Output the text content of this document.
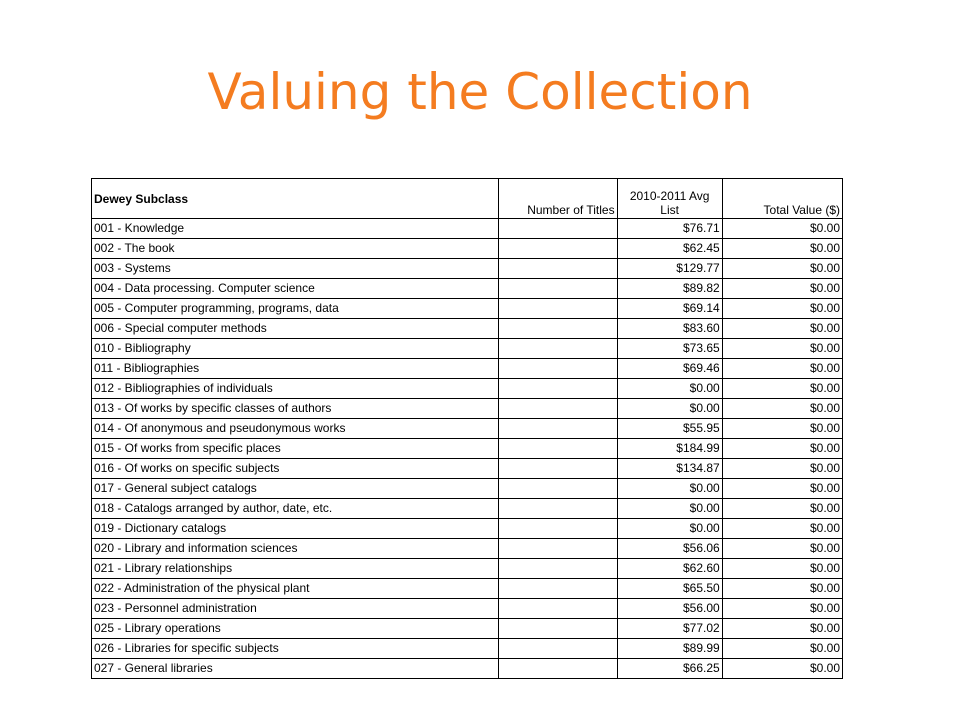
Valuing the Collection
Dewey Subclass	Number of Titles	2010-2011 Avg List	Total Value ($)
001 - Knowledge		$76.71	$0.00
002 - The book		$62.45	$0.00
003 - Systems		$129.77	$0.00
004 - Data processing. Computer science		$89.82	$0.00
005 - Computer programming, programs, data		$69.14	$0.00
006 - Special computer methods		$83.60	$0.00
010 - Bibliography		$73.65	$0.00
011 - Bibliographies		$69.46	$0.00
012 - Bibliographies of individuals		$0.00	$0.00
013 - Of works by specific classes of authors		$0.00	$0.00
014 - Of anonymous and pseudonymous works		$55.95	$0.00
015 - Of works from specific places		$184.99	$0.00
016 - Of works on specific subjects		$134.87	$0.00
017 - General subject catalogs		$0.00	$0.00
018 - Catalogs arranged by author, date, etc.		$0.00	$0.00
019 - Dictionary catalogs		$0.00	$0.00
020 - Library and information sciences		$56.06	$0.00
021 - Library relationships		$62.60	$0.00
022 - Administration of the physical plant		$65.50	$0.00
023 - Personnel administration		$56.00	$0.00
025 - Library operations		$77.02	$0.00
026 - Libraries for specific subjects		$89.99	$0.00
027 - General libraries		$66.25	$0.00
